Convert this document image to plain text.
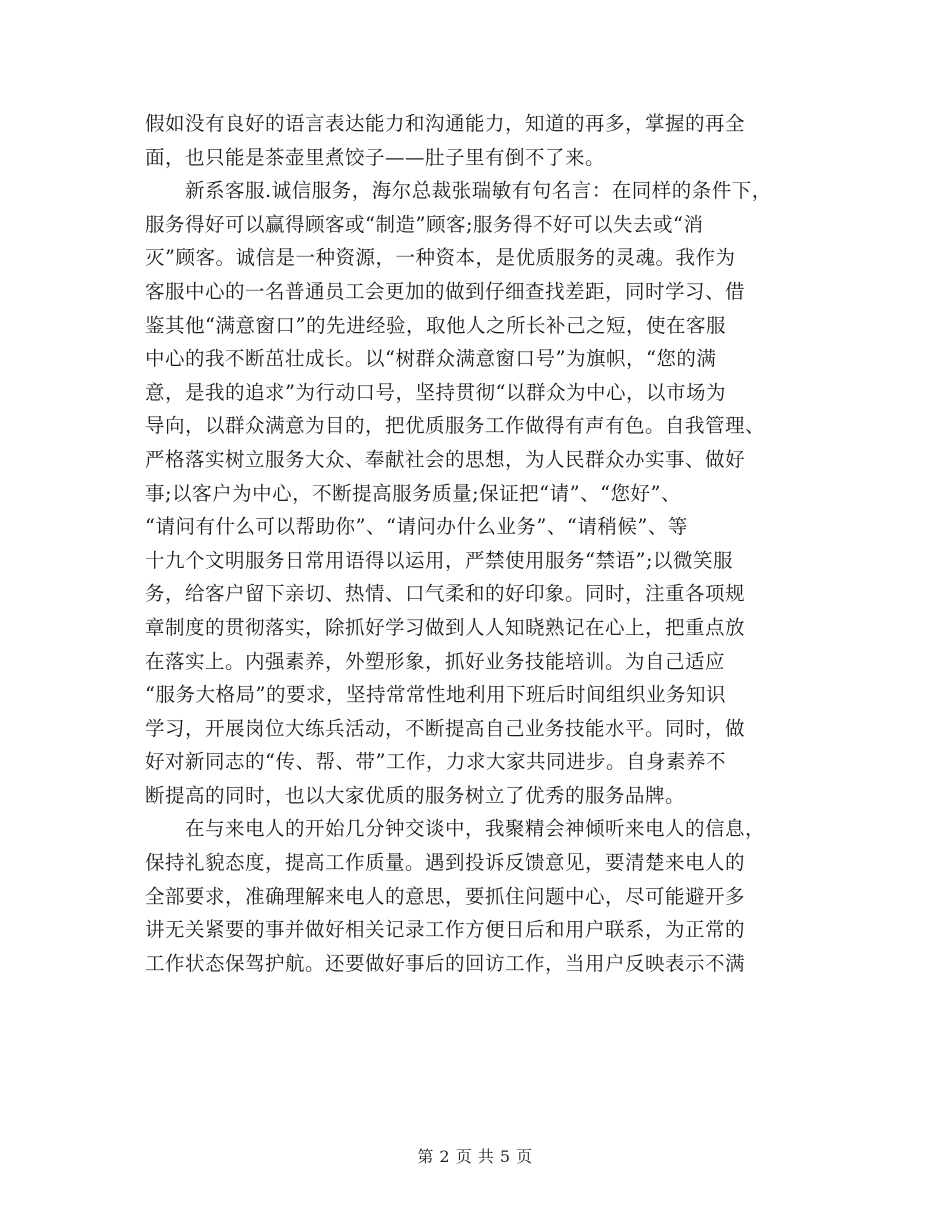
假如没有良好的语言表达能力和沟通能力，知道的再多，掌握的再全
面，也只能是茶壶里煮饺子——肚子里有倒不了来。
　　新系客服.诚信服务，海尔总裁张瑞敏有句名言：在同样的条件下，
服务得好可以赢得顾客或“制造”顾客;服务得不好可以失去或“消
灭”顾客。诚信是一种资源，一种资本，是优质服务的灵魂。我作为
客服中心的一名普通员工会更加的做到仔细查找差距，同时学习、借
鉴其他“满意窗口”的先进经验，取他人之所长补己之短，使在客服
中心的我不断茁壮成长。以“树群众满意窗口号”为旗帜，“您的满
意，是我的追求”为行动口号，坚持贯彻“以群众为中心，以市场为
导向，以群众满意为目的，把优质服务工作做得有声有色。自我管理、
严格落实树立服务大众、奉献社会的思想，为人民群众办实事、做好
事;以客户为中心，不断提高服务质量;保证把“请”、“您好”、
“请问有什么可以帮助你”、“请问办什么业务”、“请稍候”、等
十九个文明服务日常用语得以运用，严禁使用服务“禁语”;以微笑服
务，给客户留下亲切、热情、口气柔和的好印象。同时，注重各项规
章制度的贯彻落实，除抓好学习做到人人知晓熟记在心上，把重点放
在落实上。内强素养，外塑形象，抓好业务技能培训。为自己适应
“服务大格局”的要求，坚持常常性地利用下班后时间组织业务知识
学习，开展岗位大练兵活动，不断提高自己业务技能水平。同时，做
好对新同志的“传、帮、带”工作，力求大家共同进步。自身素养不
断提高的同时，也以大家优质的服务树立了优秀的服务品牌。
　　在与来电人的开始几分钟交谈中，我聚精会神倾听来电人的信息，
保持礼貌态度，提高工作质量。遇到投诉反馈意见，要清楚来电人的
全部要求，准确理解来电人的意思，要抓住问题中心，尽可能避开多
讲无关紧要的事并做好相关记录工作方便日后和用户联系，为正常的
工作状态保驾护航。还要做好事后的回访工作，当用户反映表示不满
第 2 页 共 5 页
